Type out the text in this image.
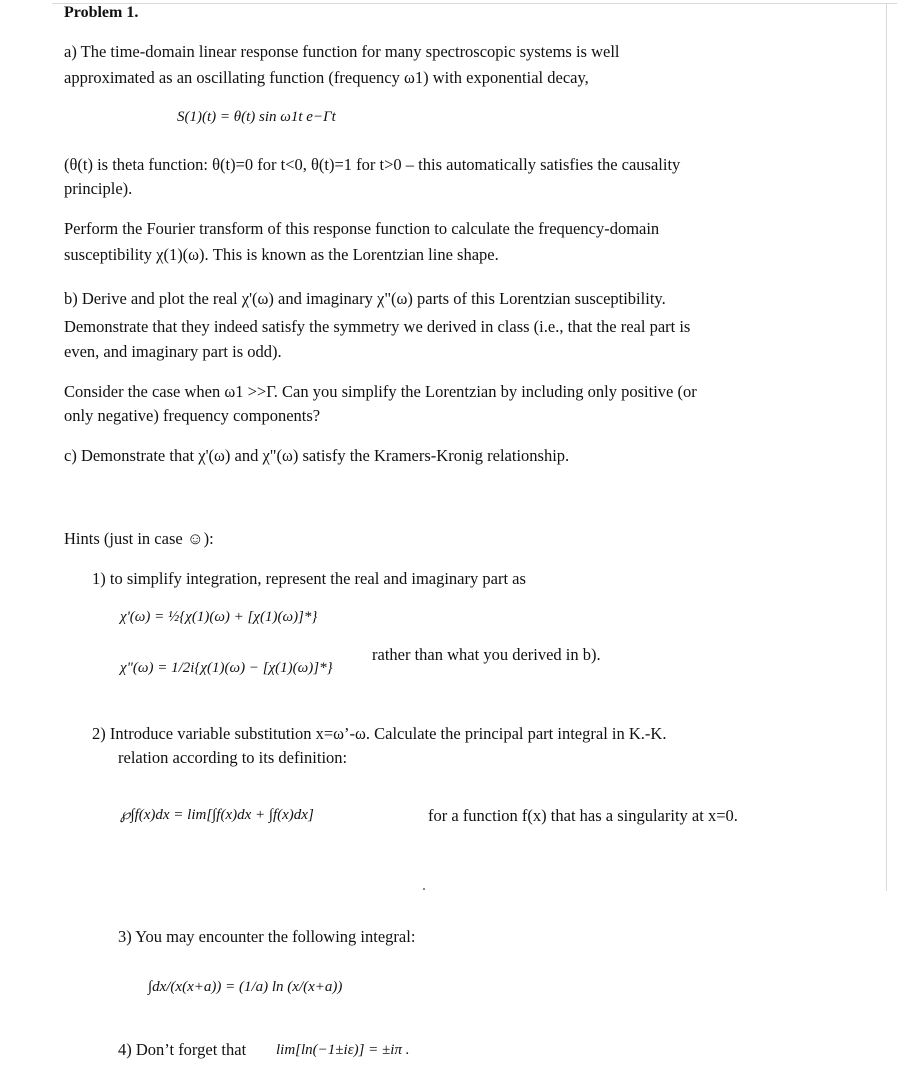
Problem 1.
a) The time-domain linear response function for many spectroscopic systems is well
approximated as an oscillating function (frequency ω1) with exponential decay,
S(1)(t) = θ(t) sin ω1t e−Γt
(θ(t) is theta function: θ(t)=0 for t<0, θ(t)=1 for t>0 – this automatically satisfies the causality
principle).
Perform the Fourier transform of this response function to calculate the frequency-domain
susceptibility χ(1)(ω). This is known as the Lorentzian line shape.
b) Derive and plot the real χ'(ω) and imaginary χ"(ω) parts of this Lorentzian susceptibility.
Demonstrate that they indeed satisfy the symmetry we derived in class (i.e., that the real part is
even, and imaginary part is odd).
Consider the case when ω1 >>Γ. Can you simplify the Lorentzian by including only positive (or
only negative) frequency components?
c) Demonstrate that χ'(ω) and χ"(ω) satisfy the Kramers-Kronig relationship.
Hints (just in case ☺):
1) to simplify integration, represent the real and imaginary part as
χ'(ω) = ½{χ(1)(ω) + [χ(1)(ω)]*}
χ"(ω) = 1/2i{χ(1)(ω) − [χ(1)(ω)]*}
rather than what you derived in b).
2) Introduce variable substitution x=ω’-ω. Calculate the principal part integral in K.-K.
relation according to its definition:
℘∫f(x)dx = lim[∫f(x)dx + ∫f(x)dx]	for a function f(x) that has a singularity at x=0.
3) You may encounter the following integral:
∫dx/(x(x+a)) = (1/a) ln (x/(x+a))
4) Don’t forget that lim[ln(−1±iε)] = ±iπ .
